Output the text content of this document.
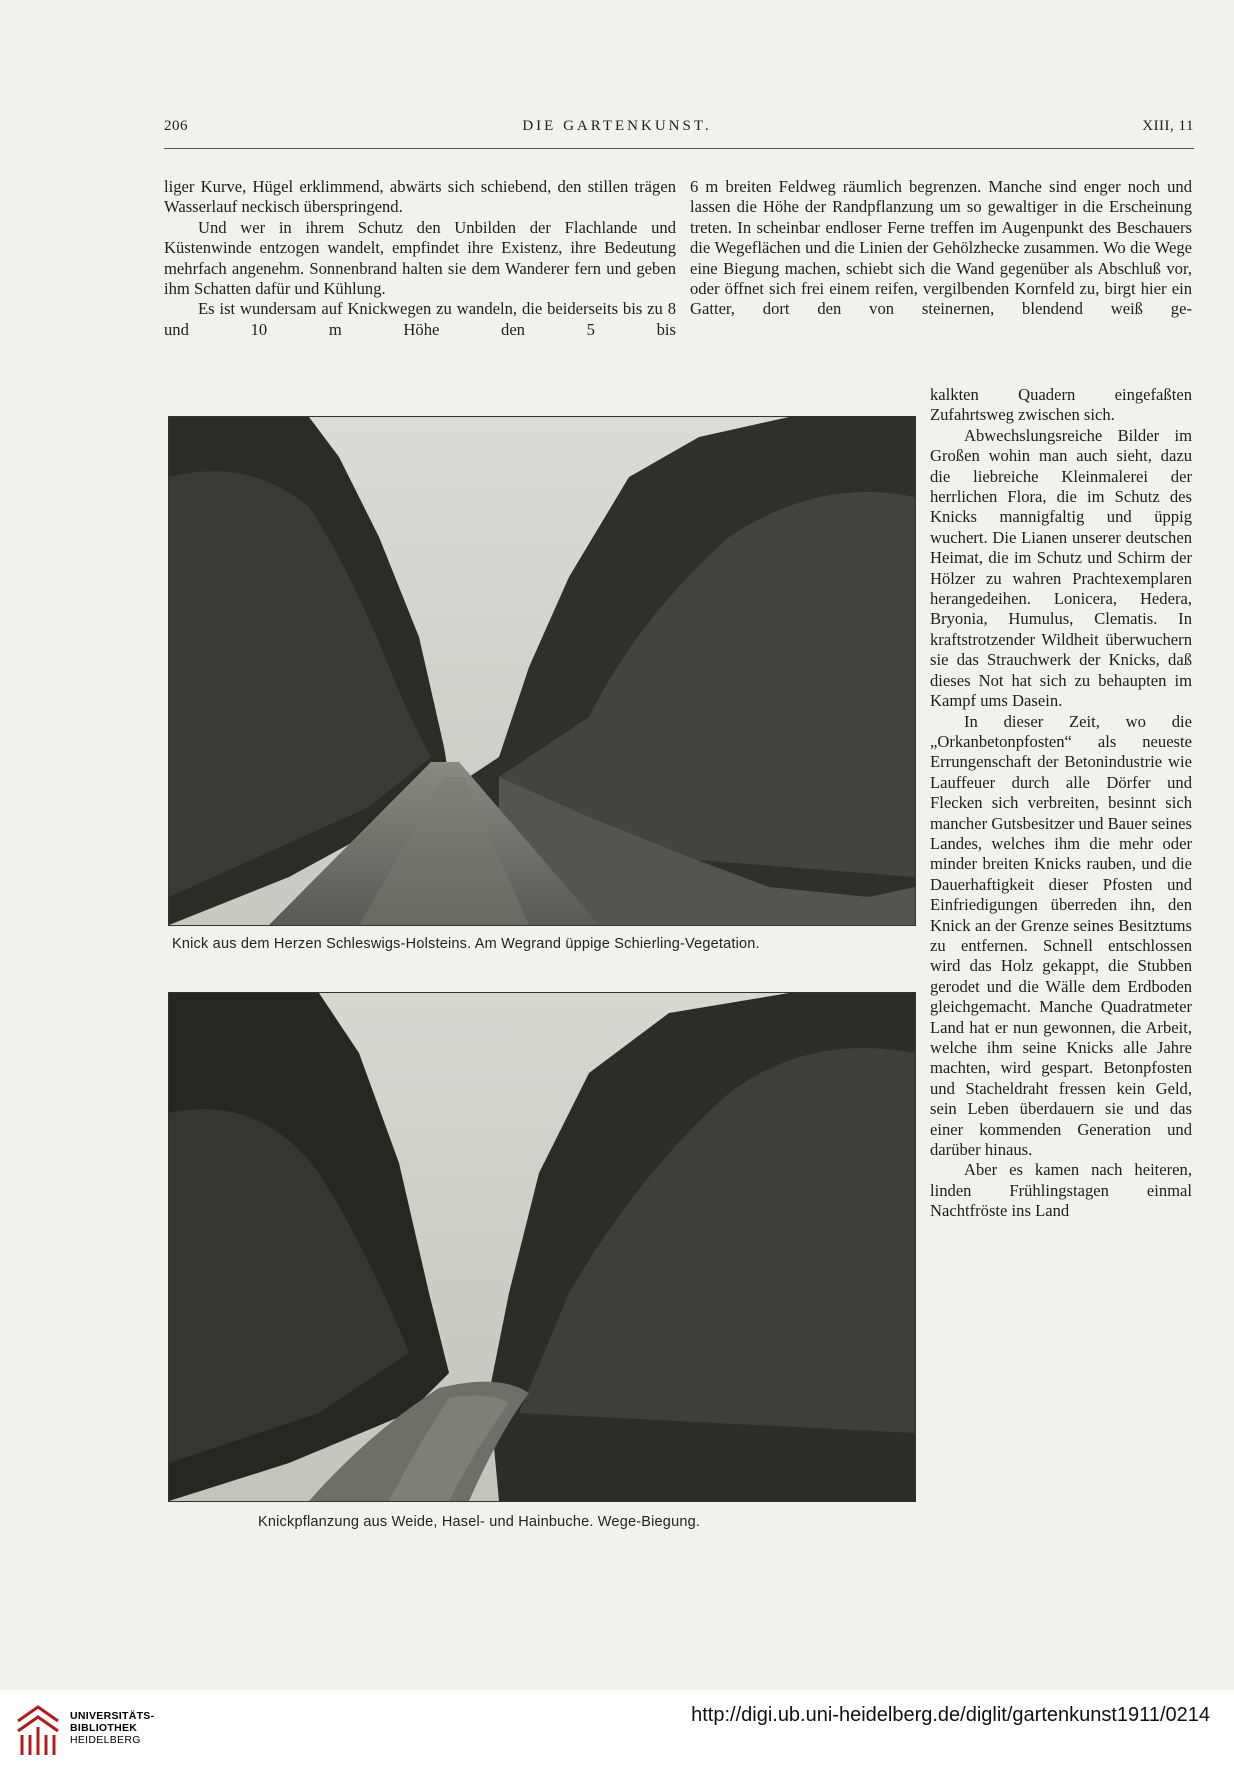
206	DIE GARTENKUNST.	XIII, 11

liger Kurve, Hügel erklimmend, abwärts sich schiebend, den stillen trägen Wasserlauf neckisch überspringend.

Und wer in ihrem Schutz den Unbilden der Flachlande und Küstenwinde entzogen wandelt, empfindet ihre Existenz, ihre Bedeutung mehrfach angenehm. Sonnenbrand halten sie dem Wanderer fern und geben ihm Schatten dafür und Kühlung.

Es ist wundersam auf Knickwegen zu wandeln, die beiderseits bis zu 8 und 10 m Höhe den 5 bis

6 m breiten Feldweg räumlich begrenzen. Manche sind enger noch und lassen die Höhe der Randpflanzung um so gewaltiger in die Erscheinung treten. In scheinbar endloser Ferne treffen im Augenpunkt des Beschauers die Wegeflächen und die Linien der Gehölzhecke zusammen. Wo die Wege eine Biegung machen, schiebt sich die Wand gegenüber als Abschluß vor, oder öffnet sich frei einem reifen, vergilbenden Kornfeld zu, birgt hier ein Gatter, dort den von steinernen, blendend weiß ge-

kalkten Quadern eingefaßten Zufahrtsweg zwischen sich.

Abwechslungsreiche Bilder im Großen wohin man auch sieht, dazu die liebreiche Kleinmalerei der herrlichen Flora, die im Schutz des Knicks mannigfaltig und üppig wuchert. Die Lianen unserer deutschen Heimat, die im Schutz und Schirm der Hölzer zu wahren Prachtexemplaren herangedeihen. Lonicera, Hedera, Bryonia, Humulus, Clematis. In kraftstrotzender Wildheit überwuchern sie das Strauchwerk der Knicks, daß dieses Not hat sich zu behaupten im Kampf ums Dasein.

In dieser Zeit, wo die „Orkanbetonpfosten“ als neueste Errungenschaft der Betonindustrie wie Lauffeuer durch alle Dörfer und Flecken sich verbreiten, besinnt sich mancher Gutsbesitzer und Bauer seines Landes, welches ihm die mehr oder minder breiten Knicks rauben, und die Dauerhaftigkeit dieser Pfosten und Einfriedigungen überreden ihn, den Knick an der Grenze seines Besitztums zu entfernen. Schnell entschlossen wird das Holz gekappt, die Stubben gerodet und die Wälle dem Erdboden gleichgemacht. Manche Quadratmeter Land hat er nun gewonnen, die Arbeit, welche ihm seine Knicks alle Jahre machten, wird gespart. Betonpfosten und Stacheldraht fressen kein Geld, sein Leben überdauern sie und das einer kommenden Generation und darüber hinaus.

Aber es kamen nach heiteren, linden Frühlingstagen einmal Nachtfröste ins Land

Knick aus dem Herzen Schleswigs-Holsteins. Am Wegrand üppige Schierling-Vegetation.
Knickpflanzung aus Weide, Hasel- und Hainbuche. Wege-Biegung.
UNIVERSITÄTS-
BIBLIOTHEK
HEIDELBERG
http://digi.ub.uni-heidelberg.de/diglit/gartenkunst1911/0214
